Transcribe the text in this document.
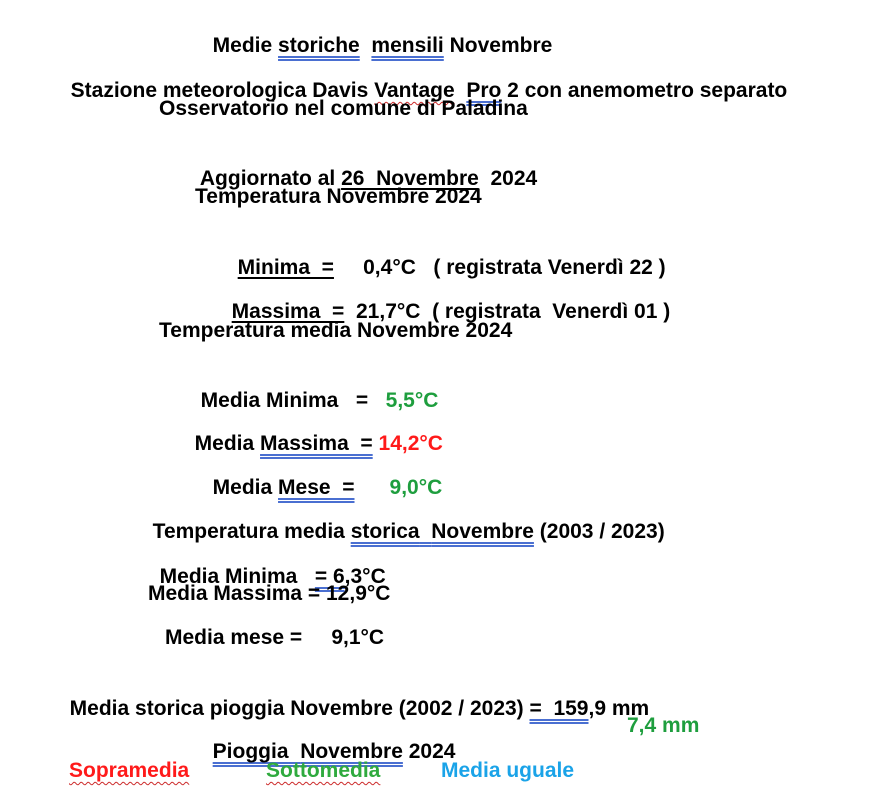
Medie storiche mensili Novembre

Stazione meteorologica Davis Vantage Pro 2 con anemometro separato

Osservatorio nel comune di Paladina

Aggiornato al 26  Novembre  2024

Temperatura Novembre 2024

Minima  =     0,4°C   ( registrata Venerdì 22 )

Massima  =  21,7°C  ( registrata  Venerdì 01 )

Temperatura media Novembre 2024

Media Minima   =   5,5°C

Media Massima  = 14,2°C

Media Mese  = 9,0°C

Temperatura media storica Novembre (2003 / 2023)

Media Minima   = 6,3°C

Media Massima = 12,9°C
Media mese =     9,1°C

Media storica pioggia Novembre (2002 / 2023) =  159,9 mm

Pioggia Novembre 2024

7,4 mm
Sopramedia	Sottomedia	Media uguale
